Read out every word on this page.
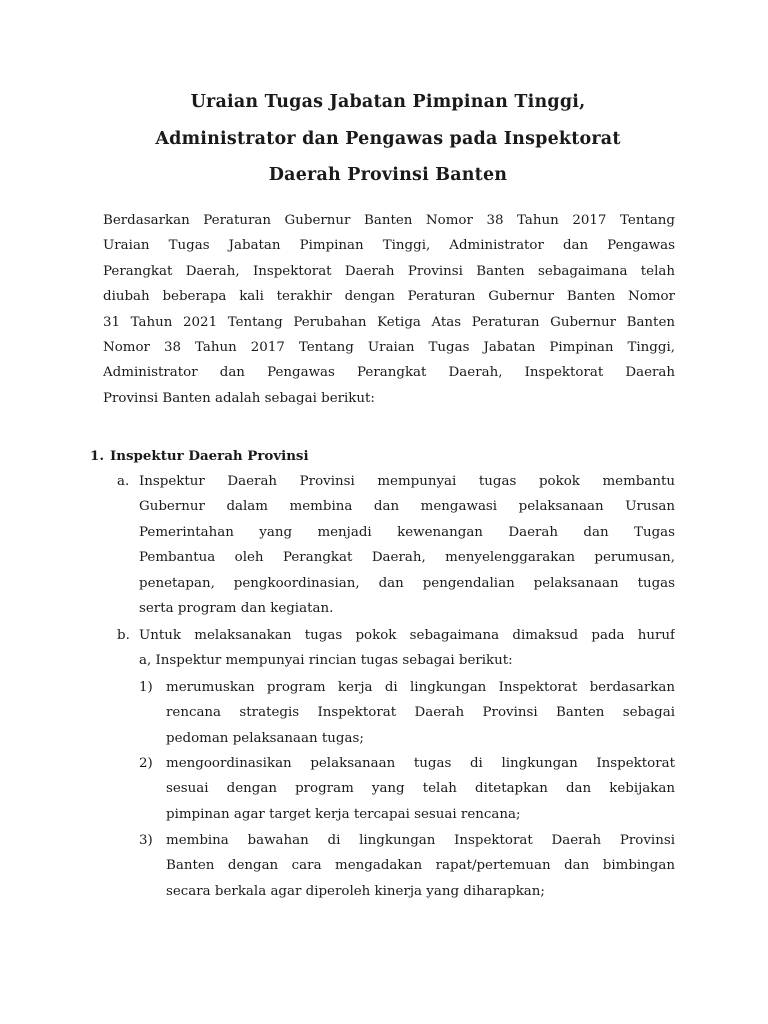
Uraian Tugas Jabatan Pimpinan Tinggi,
Administrator dan Pengawas pada Inspektorat
Daerah Provinsi Banten
Berdasarkan Peraturan Gubernur Banten Nomor 38 Tahun 2017 Tentang
Uraian Tugas Jabatan Pimpinan Tinggi, Administrator dan Pengawas
Perangkat Daerah, Inspektorat Daerah Provinsi Banten sebagaimana telah
diubah beberapa kali terakhir dengan Peraturan Gubernur Banten Nomor
31 Tahun 2021 Tentang Perubahan Ketiga Atas Peraturan Gubernur Banten
Nomor 38 Tahun 2017 Tentang Uraian Tugas Jabatan Pimpinan Tinggi,
Administrator dan Pengawas Perangkat Daerah, Inspektorat Daerah
Provinsi Banten adalah sebagai berikut:
1. Inspektur Daerah Provinsi
a. Inspektur Daerah Provinsi mempunyai tugas pokok membantu
Gubernur dalam membina dan mengawasi pelaksanaan Urusan
Pemerintahan yang menjadi kewenangan Daerah dan Tugas
Pembantua oleh Perangkat Daerah, menyelenggarakan perumusan,
penetapan, pengkoordinasian, dan pengendalian pelaksanaan tugas
serta program dan kegiatan.
b. Untuk melaksanakan tugas pokok sebagaimana dimaksud pada huruf
a, Inspektur mempunyai rincian tugas sebagai berikut:
1) merumuskan program kerja di lingkungan Inspektorat berdasarkan
rencana strategis Inspektorat Daerah Provinsi Banten sebagai
pedoman pelaksanaan tugas;
2) mengoordinasikan pelaksanaan tugas di lingkungan Inspektorat
sesuai dengan program yang telah ditetapkan dan kebijakan
pimpinan agar target kerja tercapai sesuai rencana;
3) membina bawahan di lingkungan Inspektorat Daerah Provinsi
Banten dengan cara mengadakan rapat/pertemuan dan bimbingan
secara berkala agar diperoleh kinerja yang diharapkan;
